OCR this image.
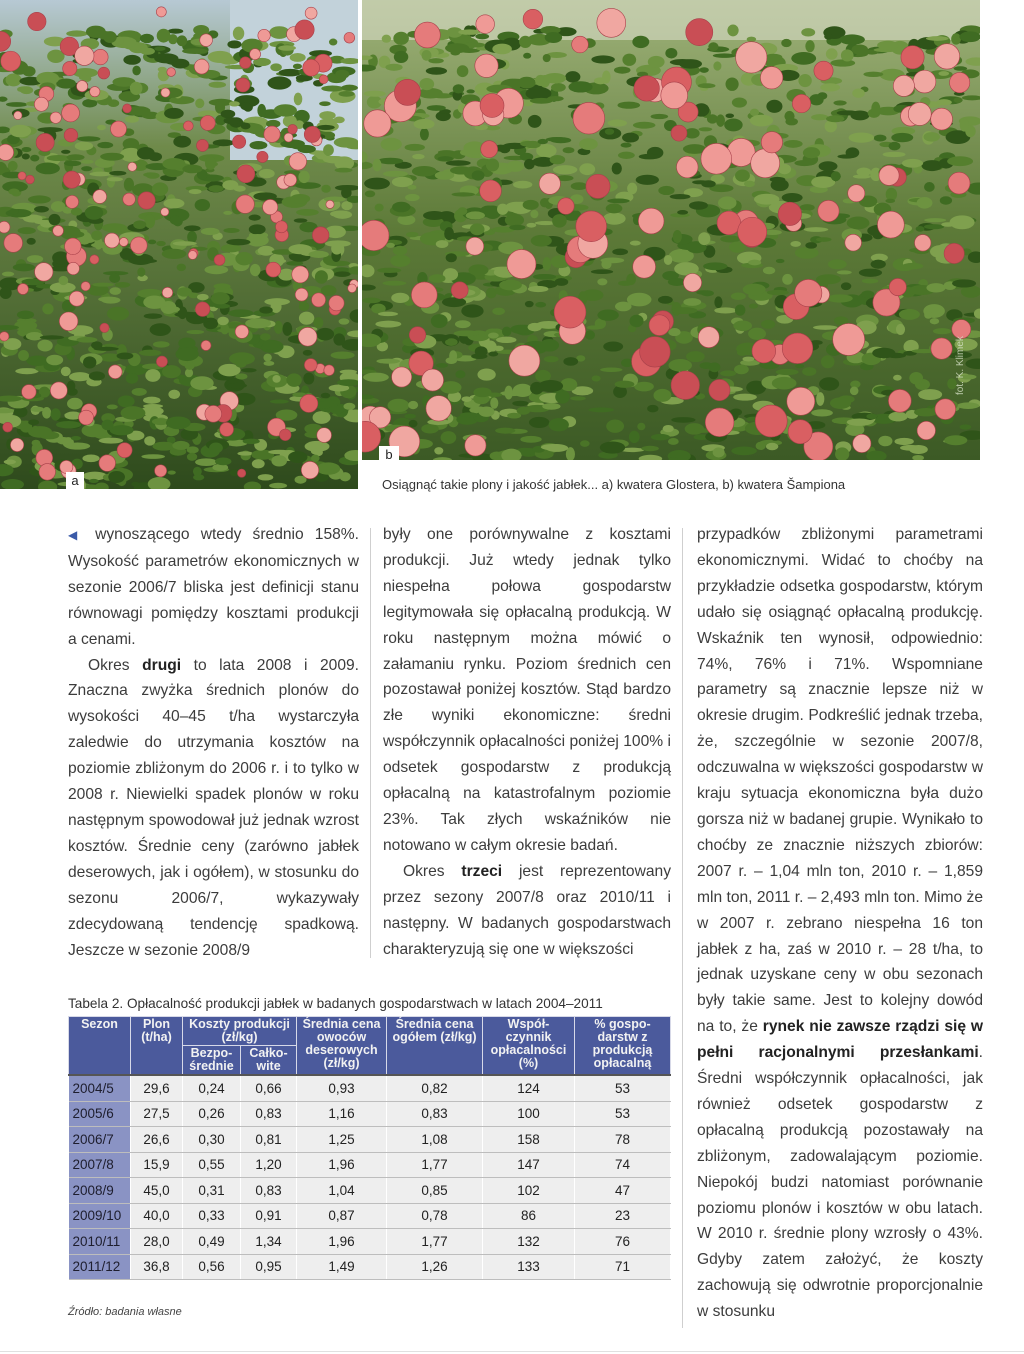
a
b
fot. K. Klimek
Osiągnąć takie plony i jakość jabłek... a) kwatera Glostera, b) kwatera Šampiona

◀ wynoszącego wtedy średnio 158%. Wysokość parametrów ekonomicznych w sezonie 2006/7 bliska jest definicji stanu równowagi pomiędzy kosztami produkcji a cenami.

Okres drugi to lata 2008 i 2009. Znaczna zwyżka średnich plonów do wysokości 40–45 t/ha wystarczyła zaledwie do utrzymania kosztów na poziomie zbliżonym do 2006 r. i to tylko w 2008 r. Niewielki spadek plonów w roku następnym spowodował już jednak wzrost kosztów. Średnie ceny (zarówno jabłek deserowych, jak i ogółem), w stosunku do sezonu 2006/7, wykazywały zdecydowaną tendencję spadkową. Jeszcze w sezonie 2008/9

były one porównywalne z kosztami produkcji. Już wtedy jednak tylko niespełna połowa gospodarstw legitymowała się opłacalną produkcją. W roku następnym można mówić o załamaniu rynku. Poziom średnich cen pozostawał poniżej kosztów. Stąd bardzo złe wyniki ekonomiczne: średni współczynnik opłacalności poniżej 100% i odsetek gospodarstw z produkcją opłacalną na katastrofalnym poziomie 23%. Tak złych wskaźników nie notowano w całym okresie badań.

Okres trzeci jest reprezentowany przez sezony 2007/8 oraz 2010/11 i następny. W badanych gospodarstwach charakteryzują się one w większości

przypadków zbliżonymi parametrami ekonomicznymi. Widać to choćby na przykładzie odsetka gospodarstw, którym udało się osiągnąć opłacalną produkcję. Wskaźnik ten wynosił, odpowiednio: 74%, 76% i 71%. Wspomniane parametry są znacznie lepsze niż w okresie drugim. Podkreślić jednak trzeba, że, szczególnie w sezonie 2007/8, odczuwalna w większości gospodarstw w kraju sytuacja ekonomiczna była dużo gorsza niż w badanej grupie. Wynikało to choćby ze znacznie niższych zbiorów: 2007 r. – 1,04 mln ton, 2010 r. – 1,859 mln ton, 2011 r. – 2,493 mln ton. Mimo że w 2007 r. zebrano niespełna 16 ton jabłek z ha, zaś w 2010 r. – 28 t/ha, to jednak uzyskane ceny w obu sezonach były takie same. Jest to kolejny dowód na to, że rynek nie zawsze rządzi się w pełni racjonalnymi przesłankami. Średni współczynnik opłacalności, jak również odsetek gospodarstw z opłacalną produkcją pozostawały na zbliżonym, zadowalającym poziomie. Niepokój budzi natomiast porównanie poziomu plonów i kosztów w obu latach. W 2010 r. średnie plony wzrosły o 43%. Gdyby zatem założyć, że koszty zachowują się odwrotnie proporcjonalnie w stosunku

Tabela 2. Opłacalność produkcji jabłek w badanych gospodarstwach w latach 2004–2011
Sezon	Plon (t/ha)	Koszty produkcji (zł/kg)		Średnia cena owoców deserowych (zł/kg)	Średnia cena ogółem (zł/kg)	Współ-czynnik opłacalności (%)	% gospo-darstw z produkcją opłacalną
		Bezpo-średnie	Całko-wite				
2004/5	29,6	0,24	0,66	0,93	0,82	124	53
2005/6	27,5	0,26	0,83	1,16	0,83	100	53
2006/7	26,6	0,30	0,81	1,25	1,08	158	78
2007/8	15,9	0,55	1,20	1,96	1,77	147	74
2008/9	45,0	0,31	0,83	1,04	0,85	102	47
2009/10	40,0	0,33	0,91	0,87	0,78	86	23
2010/11	28,0	0,49	1,34	1,96	1,77	132	76
2011/12	36,8	0,56	0,95	1,49	1,26	133	71
Źródło: badania własne
